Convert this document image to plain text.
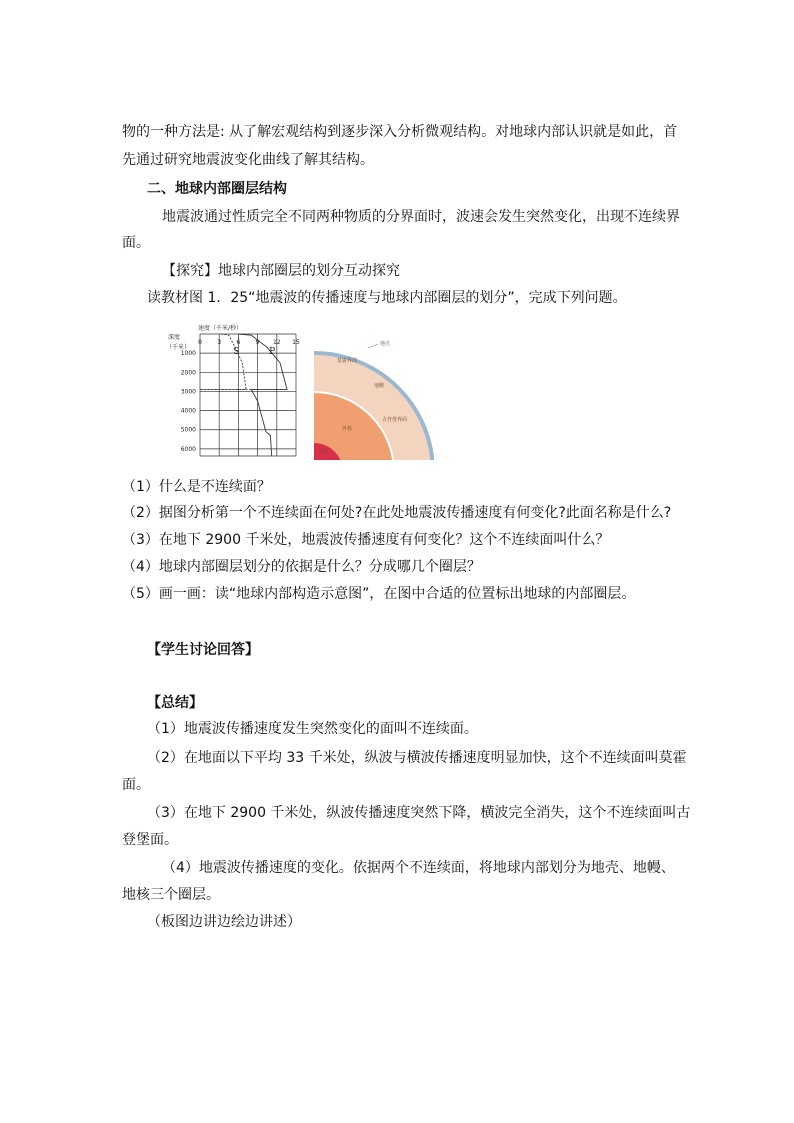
物的一种方法是: 从了解宏观结构到逐步深入分析微观结构。对地球内部认识就是如此，首
先通过研究地震波变化曲线了解其结构。
二、地球内部圈层结构
地震波通过性质完全不同两种物质的分界面时，波速会发生突然变化，出现不连续界
面。
【探究】地球内部圈层的划分互动探究
读教材图 1．25“地震波的传播速度与地球内部圈层的划分”，完成下列问题。
深度
（千米）
速度（千米/秒）
0	3	6	9 12 15
1000
2000
3000
4000
5000
6000
S	P
地壳
莫霍界面
地幔
古登堡界面
外核
内核
（1）什么是不连续面？
（2）据图分析第一个不连续面在何处?在此处地震波传播速度有何变化?此面名称是什么?
（3）在地下 2900 千米处，地震波传播速度有何变化？这个不连续面叫什么？
（4）地球内部圈层划分的依据是什么？分成哪几个圈层？
（5）画一画：读“地球内部构造示意图”，在图中合适的位置标出地球的内部圈层。
【学生讨论回答】
【总结】
（1）地震波传播速度发生突然变化的面叫不连续面。
（2）在地面以下平均 33 千米处，纵波与横波传播速度明显加快，这个不连续面叫莫霍
面。
（3）在地下 2900 千米处，纵波传播速度突然下降，横波完全消失，这个不连续面叫古
登堡面。
（4）地震波传播速度的变化。依据两个不连续面，将地球内部划分为地壳、地幔、
地核三个圈层。
（板图边讲边绘边讲述）
